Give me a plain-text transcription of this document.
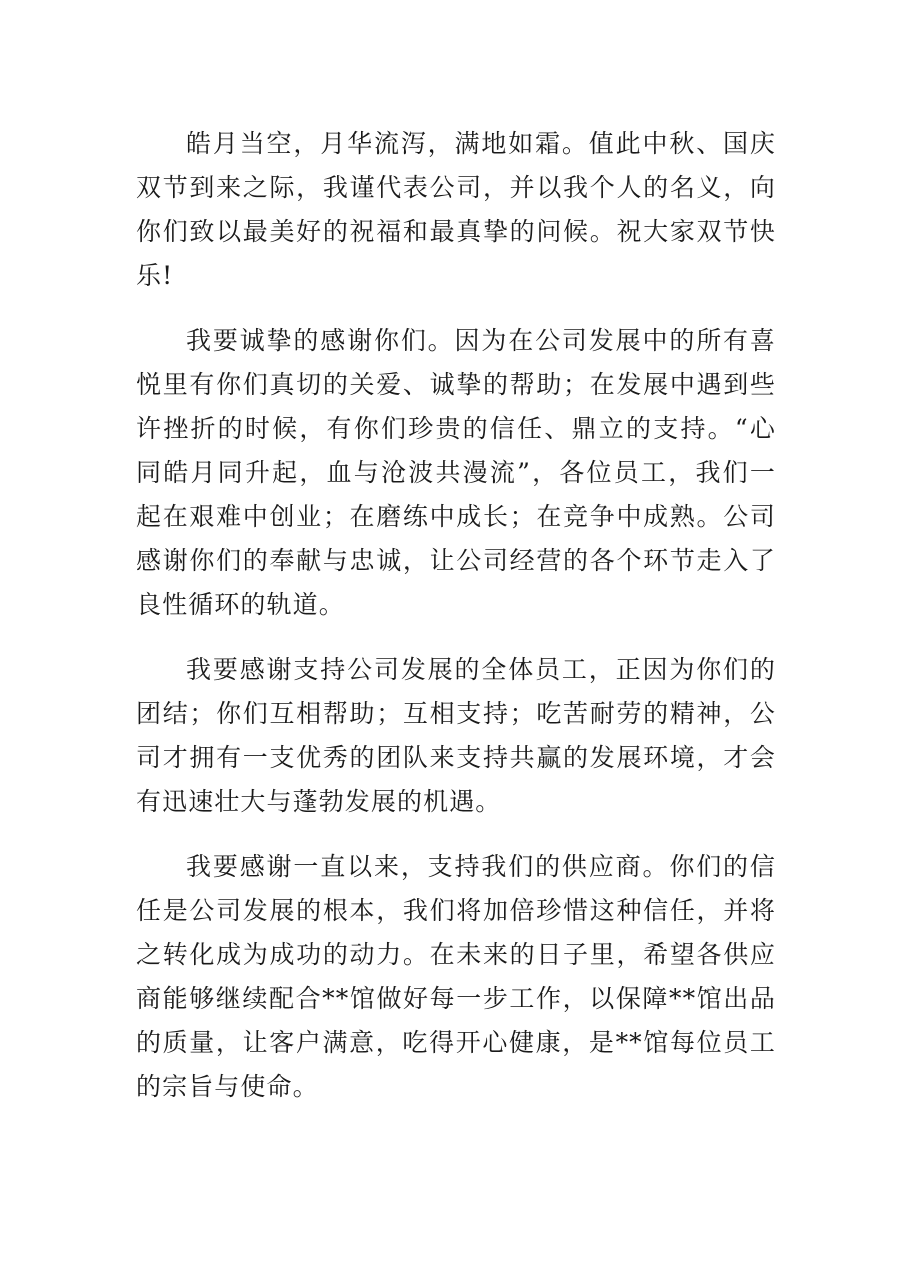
皓月当空，月华流泻，满地如霜。值此中秋、国庆双节到来之际，我谨代表公司，并以我个人的名义，向你们致以最美好的祝福和最真挚的问候。祝大家双节快乐!

我要诚挚的感谢你们。因为在公司发展中的所有喜悦里有你们真切的关爱、诚挚的帮助；在发展中遇到些许挫折的时候，有你们珍贵的信任、鼎立的支持。“心同皓月同升起，血与沧波共漫流”，各位员工，我们一起在艰难中创业；在磨练中成长；在竞争中成熟。公司感谢你们的奉献与忠诚，让公司经营的各个环节走入了良性循环的轨道。

我要感谢支持公司发展的全体员工，正因为你们的团结；你们互相帮助；互相支持；吃苦耐劳的精神，公司才拥有一支优秀的团队来支持共赢的发展环境，才会有迅速壮大与蓬勃发展的机遇。

我要感谢一直以来，支持我们的供应商。你们的信任是公司发展的根本，我们将加倍珍惜这种信任，并将之转化成为成功的动力。在未来的日子里，希望各供应商能够继续配合**馆做好每一步工作，以保障**馆出品的质量，让客户满意，吃得开心健康，是**馆每位员工的宗旨与使命。
